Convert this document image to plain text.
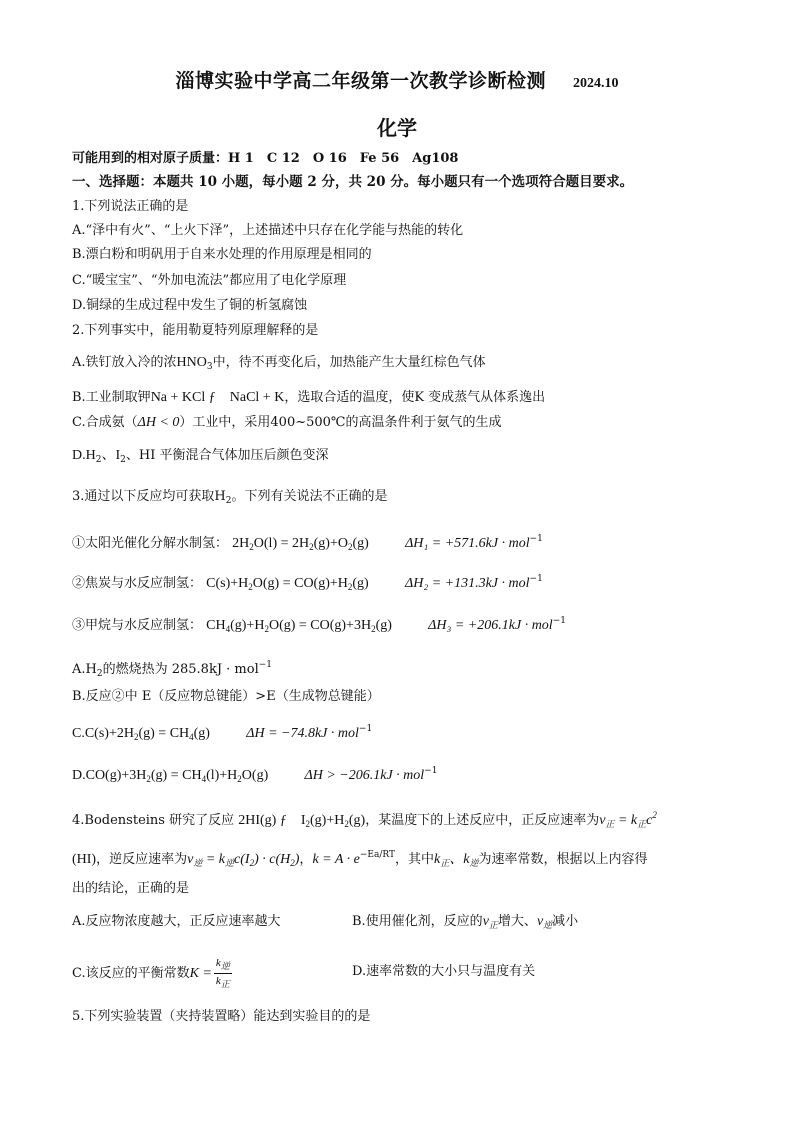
淄博实验中学高二年级第一次教学诊断检测 2024.10
化学
可能用到的相对原子质量：H 1　C 12　O 16　Fe 56　Ag108
一、选择题：本题共 10 小题，每小题 2 分，共 20 分。每小题只有一个选项符合题目要求。
1.下列说法正确的是
A.“泽中有火”、“上火下泽”，上述描述中只存在化学能与热能的转化
B.漂白粉和明矾用于自来水处理的作用原理是相同的
C.“暖宝宝”、“外加电流法”都应用了电化学原理
D.铜绿的生成过程中发生了铜的析氢腐蚀
2.下列事实中，能用勒夏特列原理解释的是
A.铁钉放入冷的浓$HNO_3$中，待不再变化后，加热能产生大量红棕色气体
B.工业制取钾Na + KCl ƒ　NaCl + K，选取合适的温度，使K 变成蒸气从体系逸出
C.合成氨（ΔH < 0）工业中，采用400~500℃的高温条件利于氨气的生成
$D.H_2$、$I_2$、HI 平衡混合气体加压后颜色变深
3.通过以下反应均可获取$H_2$。下列有关说法不正确的是
①太阳光催化分解水制氢： $2H_2O(l) = 2H_2(g)+O_2(g)$	ΔH₁ = +571.6kJ · mol$^{-1}$
②焦炭与水反应制氢： $C(s)+H_2O(g) = CO(g)+H_2(g)$	ΔH₂ = +131.3kJ · mol$^{-1}$
③甲烷与水反应制氢： $CH_4(g)+H_2O(g) = CO(g)+3H_2(g)$	ΔH₃ = +206.1kJ · mol$^{-1}$
$A.H_2$的燃烧热为 285.8kJ · mol$^{-1}$
B.反应②中 E（反应物总键能）>E（生成物总键能）
$C.C(s)+2H_2(g) = CH_4(g)$	ΔH = −74.8kJ · mol$^{-1}$
$D.CO(g)+3H_2(g) = CH_4(l)+H_2O(g)$	ΔH > −206.1kJ · mol$^{-1}$
4.Bodensteins 研究了反应 2HI(g) ƒ　$I_2(g)+H_2(g)$，某温度下的上述反应中，正反应速率为$v_正 = k_正c^2$
(HI)，逆反应速率为$v_逆 = k_逆c(I_2) \cdot c(H_2)$，$k = A \cdot e^{-Ea/RT}$，其中$k_正$、$k_逆$为速率常数，根据以上内容得
出的结论，正确的是
A.反应物浓度越大，正反应速率越大	B.使用催化剂，反应的$v_正$增大、$v_逆$减小
C.该反应的平衡常数$K = \frac{k_逆}{k_正}$	D.速率常数的大小只与温度有关
5.下列实验装置（夹持装置略）能达到实验目的的是
